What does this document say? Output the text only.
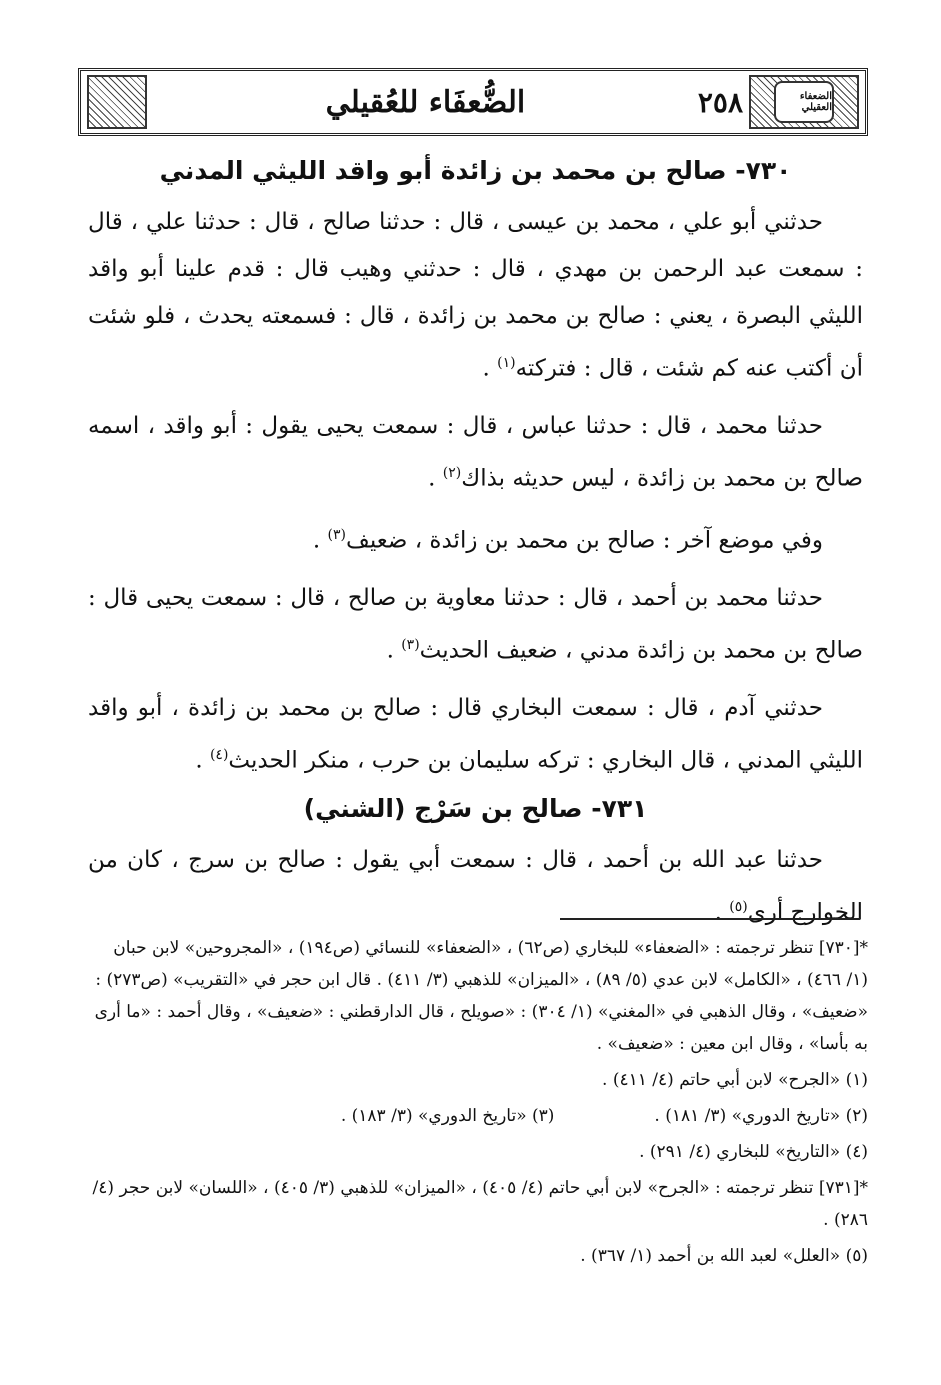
الضعفاء العقيلي
٢٥٨
الضُّعفَاء للعُقيلي
٧٣٠- صالح بن محمد بن زائدة أبو واقد الليثي المدني

حدثني أبو علي ، محمد بن عيسى ، قال : حدثنا صالح ، قال : حدثنا علي ، قال : سمعت عبد الرحمن بن مهدي ، قال : حدثني وهيب قال : قدم علينا أبو واقد الليثي البصرة ، يعني : صالح بن محمد بن زائدة ، قال : فسمعته يحدث ، فلو شئت أن أكتب عنه كم شئت ، قال : فتركته$^{(١)}$ .

حدثنا محمد ، قال : حدثنا عباس ، قال : سمعت يحيى يقول : أبو واقد ، اسمه صالح بن محمد بن زائدة ، ليس حديثه بذاك$^{(٢)}$ .

وفي موضع آخر : صالح بن محمد بن زائدة ، ضعيف$^{(٣)}$ .

حدثنا محمد بن أحمد ، قال : حدثنا معاوية بن صالح ، قال : سمعت يحيى قال : صالح بن محمد بن زائدة مدني ، ضعيف الحديث$^{(٣)}$ .

حدثني آدم ، قال : سمعت البخاري قال : صالح بن محمد بن زائدة ، أبو واقد الليثي المدني ، قال البخاري : تركه سليمان بن حرب ، منكر الحديث$^{(٤)}$ .

٧٣١- صالح بن سَرْج (الشني)

حدثنا عبد الله بن أحمد ، قال : سمعت أبي يقول : صالح بن سرج ، كان من الخوارج أرى$^{(٥)}$ .

*[٧٣٠] تنظر ترجمته : «الضعفاء» للبخاري (ص٦٢) ، «الضعفاء» للنسائي (ص١٩٤) ، «المجروحين» لابن حبان (١/ ٤٦٦) ، «الكامل» لابن عدي (٥/ ٨٩) ، «الميزان» للذهبي (٣/ ٤١١) . قال ابن حجر في «التقريب» (ص٢٧٣) : «ضعيف» ، وقال الذهبي في «المغني» (١/ ٣٠٤) : «صويلح ، قال الدارقطني : «ضعيف» ، وقال أحمد : «ما أرى به بأسا» ، وقال ابن معين : «ضعيف» .

(١) «الجرح» لابن أبي حاتم (٤/ ٤١١) .

(٢) «تاريخ الدوري» (٣/ ١٨١) .

(٣) «تاريخ الدوري» (٣/ ١٨٣) .

(٤) «التاريخ» للبخاري (٤/ ٢٩١) .

*[٧٣١] تنظر ترجمته : «الجرح» لابن أبي حاتم (٤/ ٤٠٥) ، «الميزان» للذهبي (٣/ ٤٠٥) ، «اللسان» لابن حجر (٤/ ٢٨٦) .

(٥) «العلل» لعبد الله بن أحمد (١/ ٣٦٧) .
